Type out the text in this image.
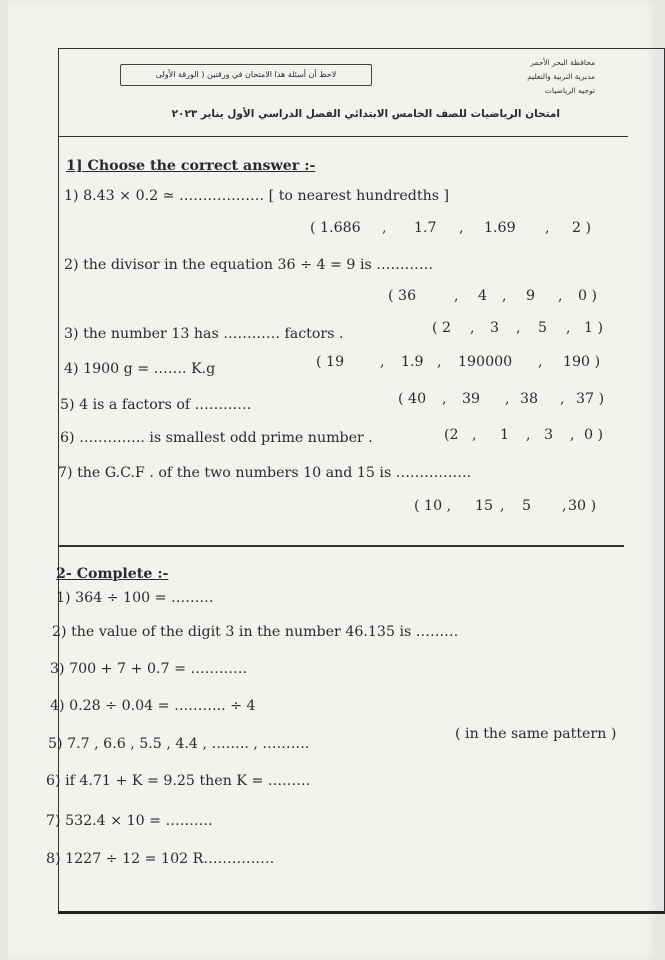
محافظة البحر الأحمر
مديرية التربية والتعليم
توجيه الرياضيات
لاحظ أن أسئلة هذا الامتحان في ورقتين ( الورقة الأولى
امتحان الرياضيات للصف الخامس الابتدائي الفصل الدراسي الأول يناير ٢٠٢٣
1] Choose the correct answer :-
1) 8.43 × 0.2 ≃ ……………… [ to nearest hundredths ]
( 1.686 , 1.7 , 1.69 , 2 )
2) the divisor in the equation 36 ÷ 4 = 9 is …………
( 36	, 4 , 9 , 0 )
3) the number 13 has ………… factors .	( 2 , 3 , 5 , 1 )
4) 1900 g = ……. K.g	( 19	, 1.9 , 190000 , 190 )
5) 4 is a factors of …………	( 40 , 39 , 38 , 37 )
6) ………….. is smallest odd prime number .	(2 , 1 , 3 , 0 )
7) the G.C.F . of the two numbers 10 and 15 is …………….
( 10 , 15 , 5 , 30 )
2- Complete :-
1) 364 ÷ 100 = ………
2) the value of the digit 3 in the number 46.135 is ………
3) 700 + 7 + 0.7 = …………
4) 0.28 ÷ 0.04 = ……….. ÷ 4
5) 7.7 , 6.6 , 5.5 , 4.4 , …….. , ……….
( in the same pattern )
6) if 4.71 + K = 9.25 then K = ………
7) 532.4 × 10 = ……….
8) 1227 ÷ 12 = 102 R……………
